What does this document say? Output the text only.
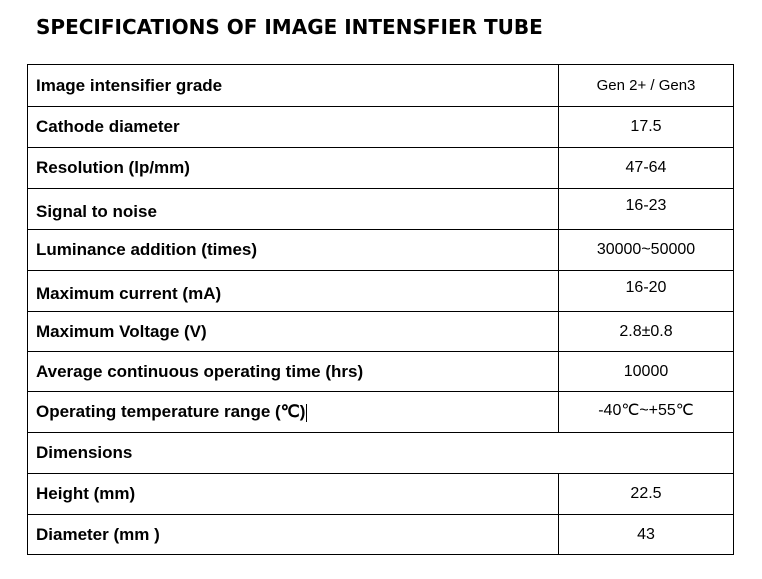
SPECIFICATIONS OF IMAGE INTENSFIER TUBE
Image intensifier grade	Gen 2+ / Gen3
Cathode diameter	17.5
Resolution (lp/mm)	47-64
Signal to noise	16-23
Luminance addition (times)	30000~50000
Maximum current (mA)	16-20
Maximum Voltage (V)	2.8±0.8
Average continuous operating time (hrs)	10000
Operating temperature range (℃)	-40℃~+55℃
Dimensions	
Height (mm)	22.5
Diameter (mm )	43
